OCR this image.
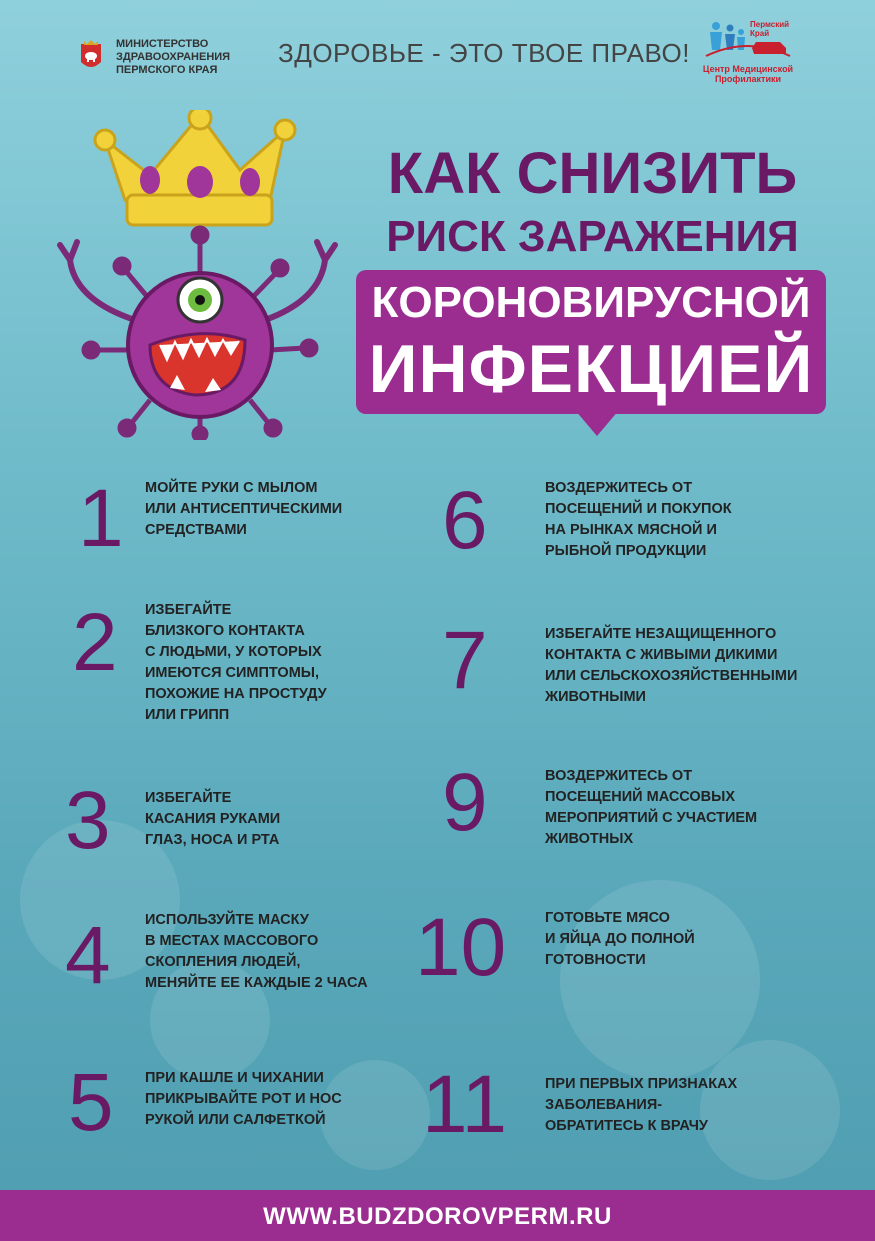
МИНИСТЕРСТВО
ЗДРАВООХРАНЕНИЯ
ПЕРМСКОГО КРАЯ
ЗДОРОВЬЕ - ЭТО ТВОЕ ПРАВО!
Пермский
Край
Центр Медицинской
Профилактики
КАК СНИЗИТЬ
РИСК ЗАРАЖЕНИЯ
КОРОНОВИРУСНОЙ
ИНФЕКЦИЕЙ
1 МОЙТЕ РУКИ С МЫЛОМ
ИЛИ АНТИСЕПТИЧЕСКИМИ
СРЕДСТВАМИ
2 ИЗБЕГАЙТЕ
БЛИЗКОГО КОНТАКТА
С ЛЮДЬМИ, У КОТОРЫХ
ИМЕЮТСЯ СИМПТОМЫ,
ПОХОЖИЕ НА ПРОСТУДУ
ИЛИ ГРИПП
3 ИЗБЕГАЙТЕ
КАСАНИЯ РУКАМИ
ГЛАЗ, НОСА И РТА
4 ИСПОЛЬЗУЙТЕ МАСКУ
В МЕСТАХ МАССОВОГО
СКОПЛЕНИЯ ЛЮДЕЙ,
МЕНЯЙТЕ ЕЕ КАЖДЫЕ 2 ЧАСА
5 ПРИ КАШЛЕ И ЧИХАНИИ
ПРИКРЫВАЙТЕ РОТ И НОС
РУКОЙ ИЛИ САЛФЕТКОЙ
6	ВОЗДЕРЖИТЕСЬ ОТ
ПОСЕЩЕНИЙ И ПОКУПОК
НА РЫНКАХ МЯСНОЙ И
РЫБНОЙ ПРОДУКЦИИ
7	ИЗБЕГАЙТЕ НЕЗАЩИЩЕННОГО
КОНТАКТА С ЖИВЫМИ ДИКИМИ
ИЛИ СЕЛЬСКОХОЗЯЙСТВЕННЫМИ
ЖИВОТНЫМИ
9	ВОЗДЕРЖИТЕСЬ ОТ
ПОСЕЩЕНИЙ МАССОВЫХ
МЕРОПРИЯТИЙ С УЧАСТИЕМ
ЖИВОТНЫХ
10	ГОТОВЬТЕ МЯСО
И ЯЙЦА ДО ПОЛНОЙ
ГОТОВНОСТИ
11	ПРИ ПЕРВЫХ ПРИЗНАКАХ
ЗАБОЛЕВАНИЯ-
ОБРАТИТЕСЬ К ВРАЧУ
WWW.BUDZDOROVPERM.RU
